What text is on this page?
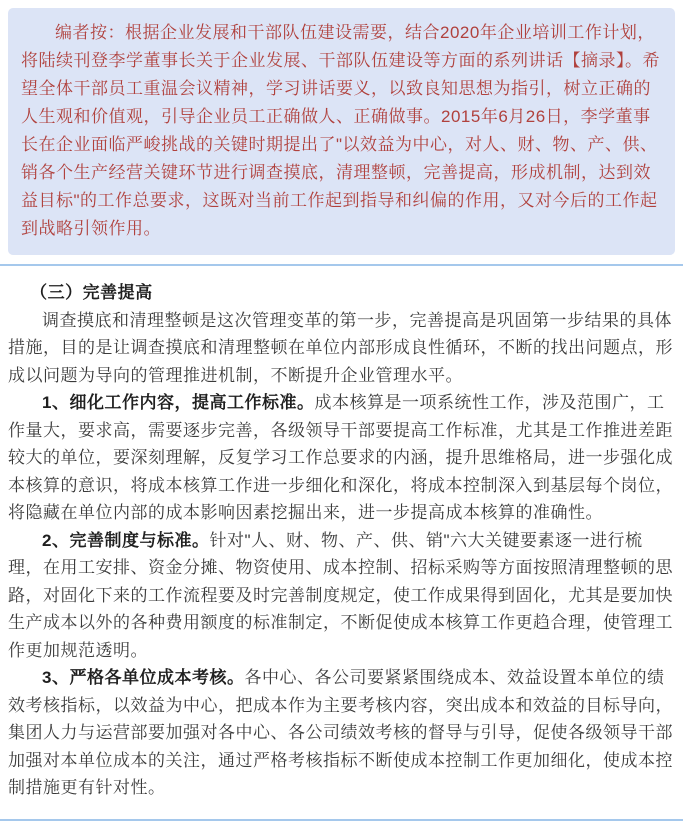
编者按：根据企业发展和干部队伍建设需要，结合2020年企业培训工作计划，将陆续刊登李学董事长关于企业发展、干部队伍建设等方面的系列讲话【摘录】。希望全体干部员工重温会议精神，学习讲话要义，以致良知思想为指引，树立正确的人生观和价值观，引导企业员工正确做人、正确做事。2015年6月26日，李学董事长在企业面临严峻挑战的关键时期提出了"以效益为中心，对人、财、物、产、供、销各个生产经营关键环节进行调查摸底，清理整顿，完善提高，形成机制，达到效益目标"的工作总要求，这既对当前工作起到指导和纠偏的作用，又对今后的工作起到战略引领作用。

（三）完善提高

调查摸底和清理整顿是这次管理变革的第一步，完善提高是巩固第一步结果的具体措施，目的是让调查摸底和清理整顿在单位内部形成良性循环，不断的找出问题点，形成以问题为导向的管理推进机制，不断提升企业管理水平。

1、细化工作内容，提高工作标准。成本核算是一项系统性工作，涉及范围广，工作量大，要求高，需要逐步完善，各级领导干部要提高工作标准，尤其是工作推进差距较大的单位，要深刻理解，反复学习工作总要求的内涵，提升思维格局，进一步强化成本核算的意识，将成本核算工作进一步细化和深化，将成本控制深入到基层每个岗位，将隐藏在单位内部的成本影响因素挖掘出来，进一步提高成本核算的准确性。

2、完善制度与标准。针对"人、财、物、产、供、销"六大关键要素逐一进行梳理，在用工安排、资金分摊、物资使用、成本控制、招标采购等方面按照清理整顿的思路，对固化下来的工作流程要及时完善制度规定，使工作成果得到固化，尤其是要加快生产成本以外的各种费用额度的标准制定，不断促使成本核算工作更趋合理，使管理工作更加规范透明。

3、严格各单位成本考核。各中心、各公司要紧紧围绕成本、效益设置本单位的绩效考核指标，以效益为中心，把成本作为主要考核内容，突出成本和效益的目标导向，集团人力与运营部要加强对各中心、各公司绩效考核的督导与引导，促使各级领导干部加强对本单位成本的关注，通过严格考核指标不断使成本控制工作更加细化，使成本控制措施更有针对性。
